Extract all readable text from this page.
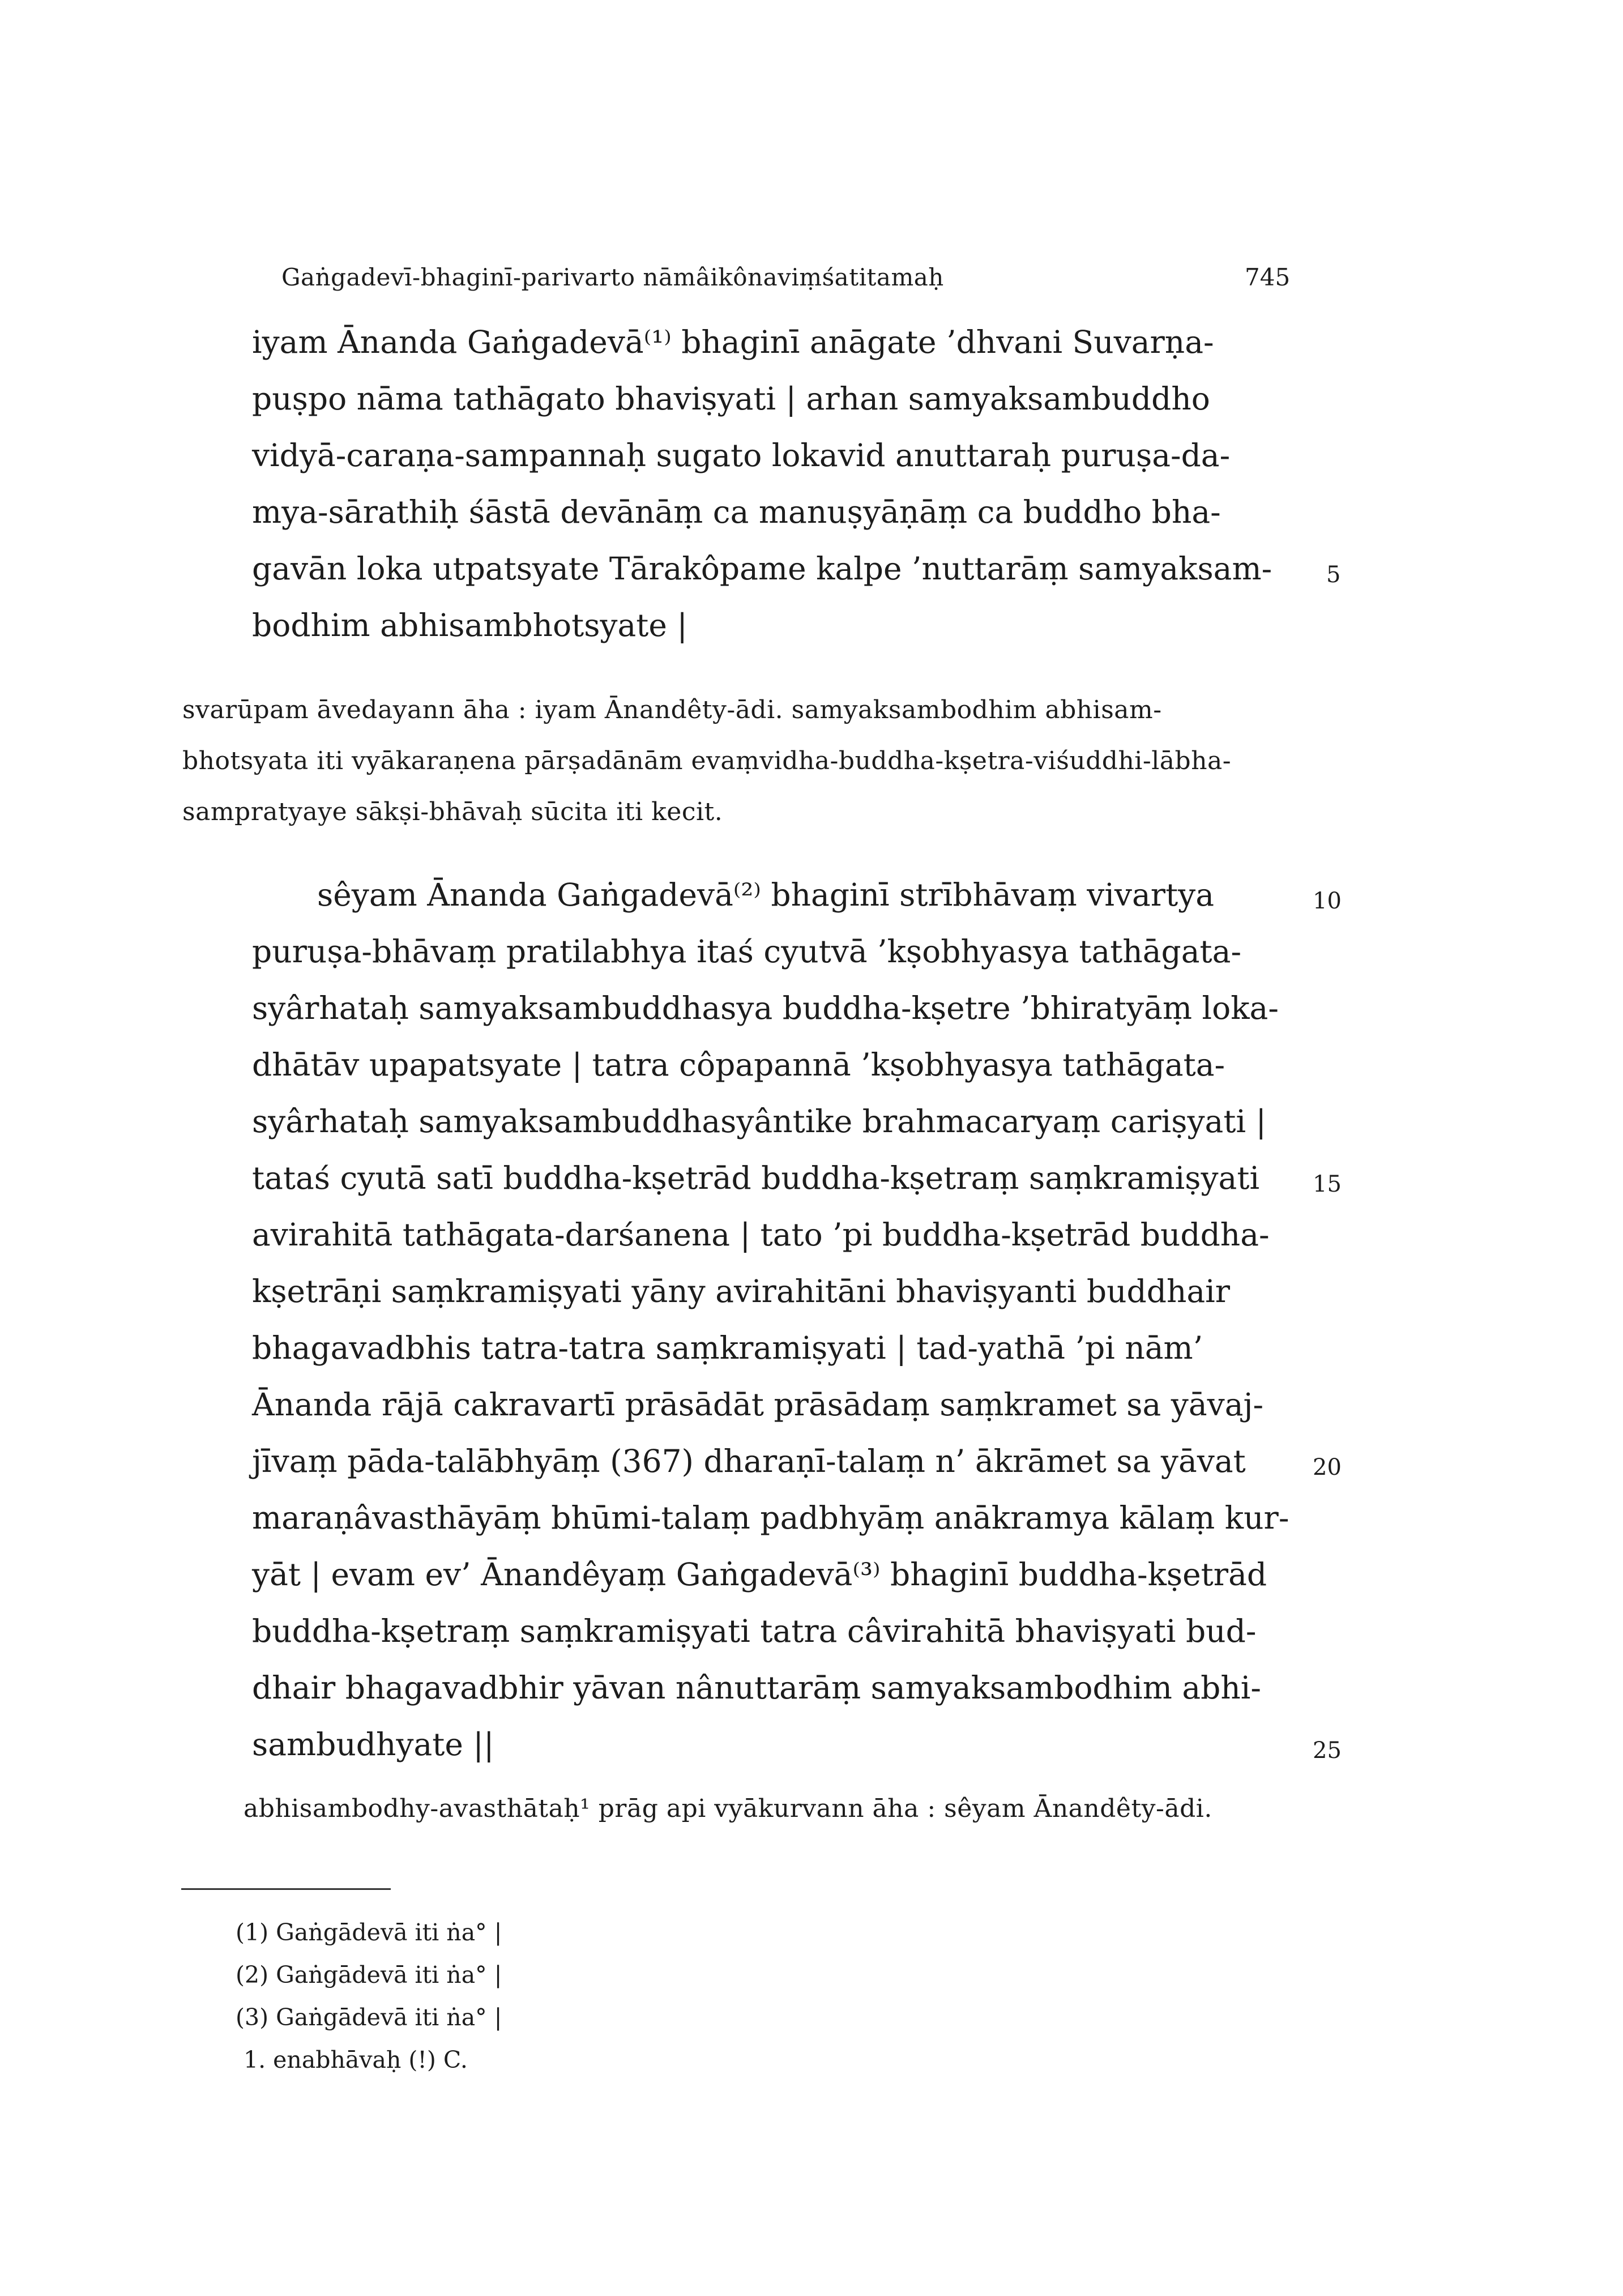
Gaṅgadevī-bhaginī-parivarto nāmâikônaviṃśatitamaḥ	745
iyam Ānanda Gaṅgadevā⁽¹⁾ bhaginī anāgate ’dhvani Suvarṇa-
puṣpo nāma tathāgato bhaviṣyati | arhan samyaksambuddho
vidyā-caraṇa-sampannaḥ sugato lokavid anuttaraḥ puruṣa-da-
mya-sārathiḥ śāstā devānāṃ ca manuṣyāṇāṃ ca buddho bha-
gavān loka utpatsyate Tārakôpame kalpe ’nuttarāṃ samyaksam- 5
bodhim abhisambhotsyate |
svarūpam āvedayann āha : iyam Ānandêty-ādi. samyaksambodhim abhisam-
bhotsyata iti vyākaraṇena pārṣadānām evaṃvidha-buddha-kṣetra-viśuddhi-lābha-
sampratyaye sākṣi-bhāvaḥ sūcita iti kecit.
sêyam Ānanda Gaṅgadevā⁽²⁾ bhaginī strībhāvaṃ vivartya	10
puruṣa-bhāvaṃ pratilabhya itaś cyutvā ’kṣobhyasya tathāgata-
syârhataḥ samyaksambuddhasya buddha-kṣetre ’bhiratyāṃ loka-
dhātāv upapatsyate | tatra côpapannā ’kṣobhyasya tathāgata-
syârhataḥ samyaksambuddhasyântike brahmacaryaṃ cariṣyati |
tataś cyutā satī buddha-kṣetrād buddha-kṣetraṃ saṃkramiṣyati 15
avirahitā tathāgata-darśanena | tato ’pi buddha-kṣetrād buddha-
kṣetrāṇi saṃkramiṣyati yāny avirahitāni bhaviṣyanti buddhair
bhagavadbhis tatra-tatra saṃkramiṣyati | tad-yathā ’pi nām’
Ānanda rājā cakravartī prāsādāt prāsādaṃ saṃkramet sa yāvaj-
jīvaṃ pāda-talābhyāṃ (367) dharaṇī-talaṃ n’ ākrāmet sa yāvat	20
maraṇâvasthāyāṃ bhūmi-talaṃ padbhyāṃ anākramya kālaṃ kur-
yāt | evam ev’ Ānandêyaṃ Gaṅgadevā⁽³⁾ bhaginī buddha-kṣetrād
buddha-kṣetraṃ saṃkramiṣyati tatra câvirahitā bhaviṣyati bud-
dhair bhagavadbhir yāvan nânuttarāṃ samyaksambodhim abhi-
sambudhyate ||	25
abhisambodhy-avasthātaḥ¹ prāg api vyākurvann āha : sêyam Ānandêty-ādi.
(1) Gaṅgādevā iti ṅa° |
(2) Gaṅgādevā iti ṅa° |
(3) Gaṅgādevā iti ṅa° |
1. enabhāvaḥ (!) C.
